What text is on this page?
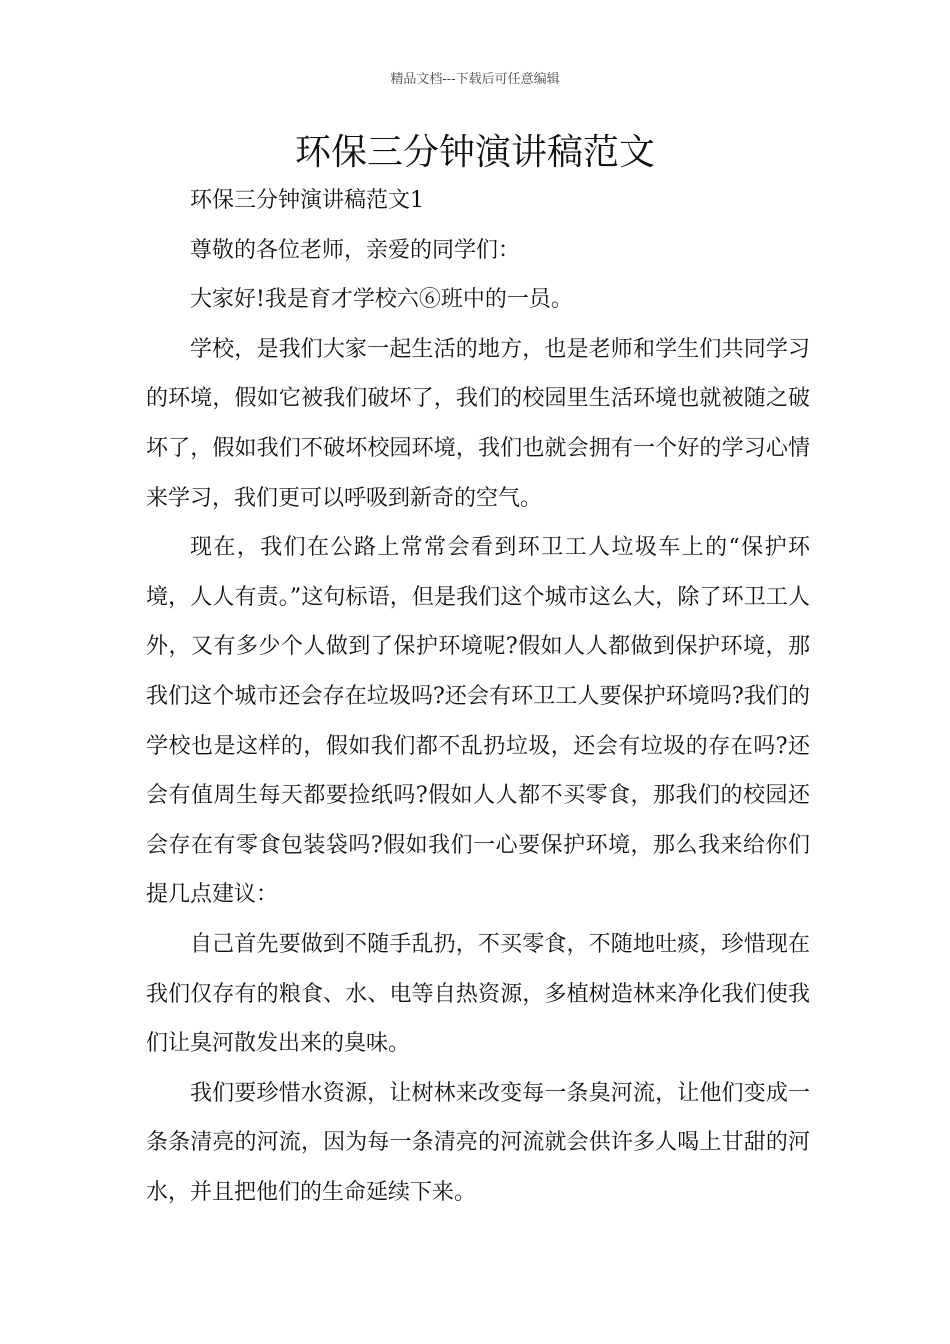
精品文档---下载后可任意编辑
环保三分钟演讲稿范文

环保三分钟演讲稿范文1

尊敬的各位老师，亲爱的同学们：

大家好!我是育才学校六⑥班中的一员。

学校，是我们大家一起生活的地方，也是老师和学生们共同学习的环境，假如它被我们破坏了，我们的校园里生活环境也就被随之破坏了，假如我们不破坏校园环境，我们也就会拥有一个好的学习心情来学习，我们更可以呼吸到新奇的空气。

现在，我们在公路上常常会看到环卫工人垃圾车上的“保护环境，人人有责。”这句标语，但是我们这个城市这么大，除了环卫工人外，又有多少个人做到了保护环境呢?假如人人都做到保护环境，那我们这个城市还会存在垃圾吗?还会有环卫工人要保护环境吗?我们的学校也是这样的，假如我们都不乱扔垃圾，还会有垃圾的存在吗?还会有值周生每天都要捡纸吗?假如人人都不买零食，那我们的校园还会存在有零食包装袋吗?假如我们一心要保护环境，那么我来给你们提几点建议：

自己首先要做到不随手乱扔，不买零食，不随地吐痰，珍惜现在我们仅存有的粮食、水、电等自热资源，多植树造林来净化我们使我们让臭河散发出来的臭味。

我们要珍惜水资源，让树林来改变每一条臭河流，让他们变成一条条清亮的河流，因为每一条清亮的河流就会供许多人喝上甘甜的河水，并且把他们的生命延续下来。
